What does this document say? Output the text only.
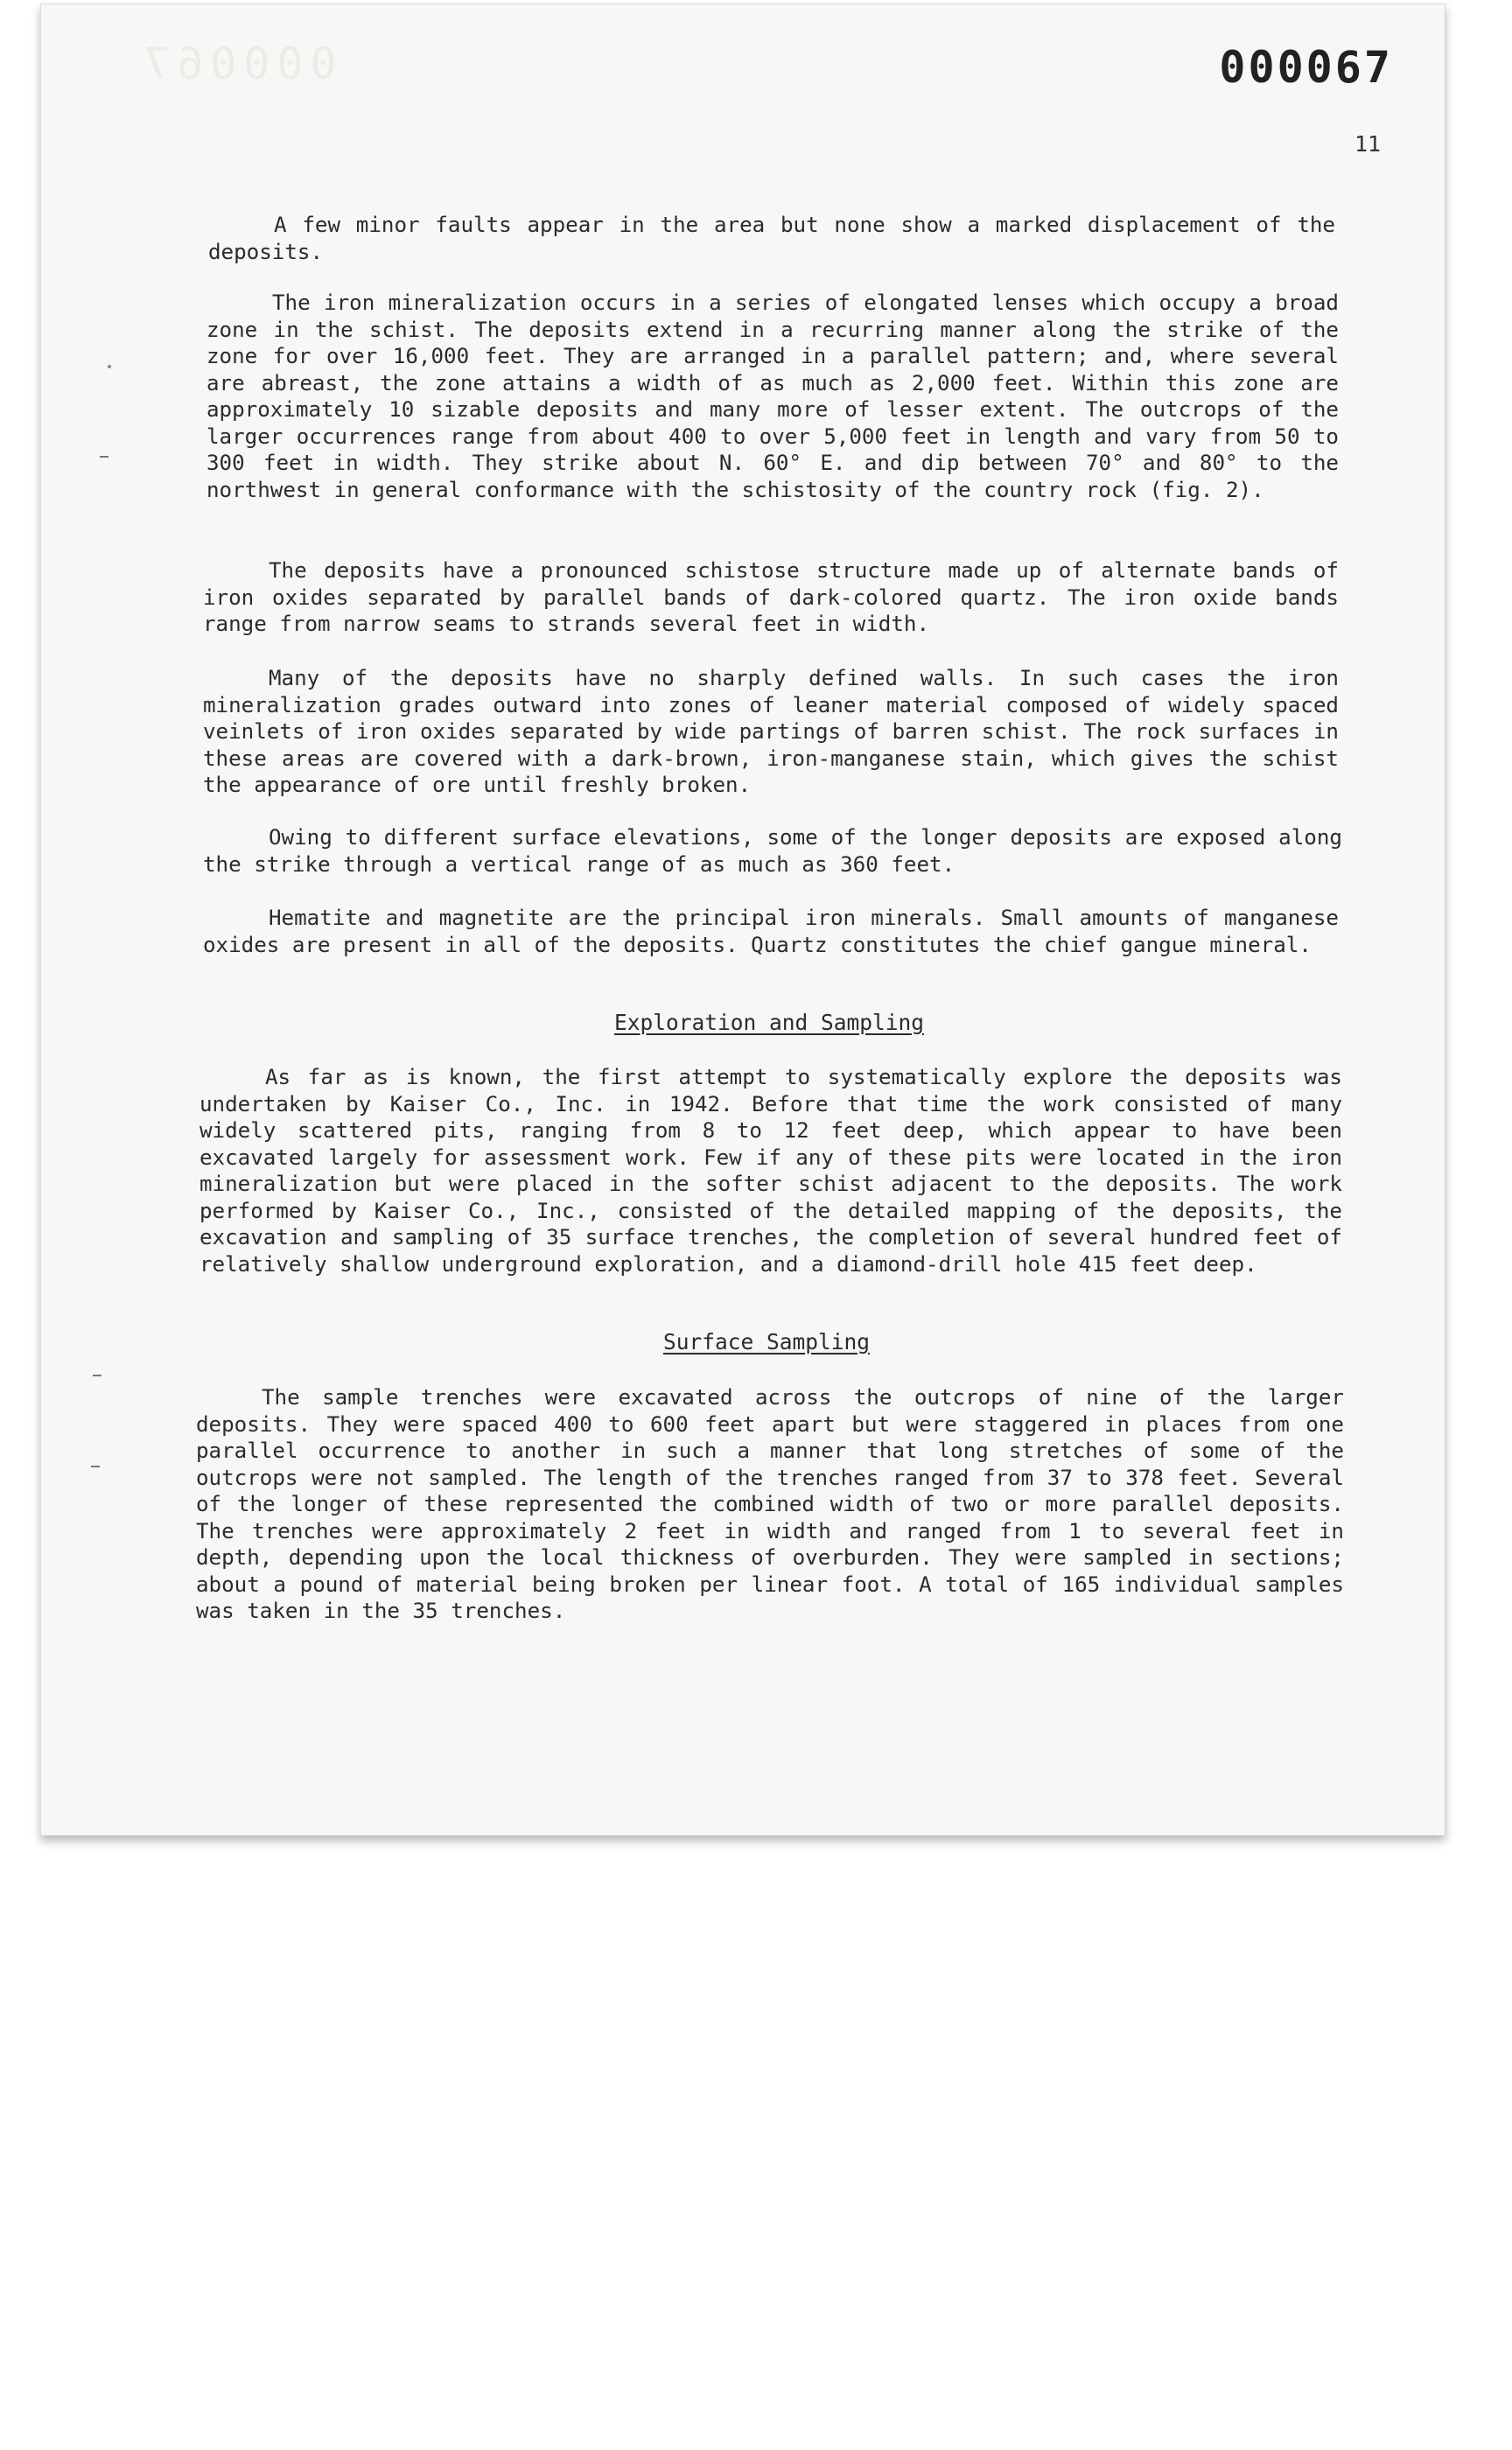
000067	000067
11

A few minor faults appear in the area but none show a marked displacement of the deposits.

The iron mineralization occurs in a series of elongated lenses which occupy a broad zone in the schist. The deposits extend in a recurring manner along the strike of the zone for over 16,000 feet. They are arranged in a parallel pattern; and, where several are abreast, the zone attains a width of as much as 2,000 feet. Within this zone are approximately 10 sizable deposits and many more of lesser extent. The outcrops of the larger occurrences range from about 400 to over 5,000 feet in length and vary from 50 to 300 feet in width. They strike about N. 60° E. and dip between 70° and 80° to the northwest in general conformance with the schistosity of the country rock (fig. 2).

The deposits have a pronounced schistose structure made up of alternate bands of iron oxides separated by parallel bands of dark-colored quartz. The iron oxide bands range from narrow seams to strands several feet in width.

Many of the deposits have no sharply defined walls. In such cases the iron mineralization grades outward into zones of leaner material composed of widely spaced veinlets of iron oxides separated by wide partings of barren schist. The rock surfaces in these areas are covered with a dark-brown, iron-manganese stain, which gives the schist the appearance of ore until freshly broken.

Owing to different surface elevations, some of the longer deposits are exposed along the strike through a vertical range of as much as 360 feet.

Hematite and magnetite are the principal iron minerals. Small amounts of manganese oxides are present in all of the deposits. Quartz constitutes the chief gangue mineral.

Exploration and Sampling

As far as is known, the first attempt to systematically explore the deposits was undertaken by Kaiser Co., Inc. in 1942. Before that time the work consisted of many widely scattered pits, ranging from 8 to 12 feet deep, which appear to have been excavated largely for assessment work. Few if any of these pits were located in the iron mineralization but were placed in the softer schist adjacent to the deposits. The work performed by Kaiser Co., Inc., consisted of the detailed mapping of the deposits, the excavation and sampling of 35 surface trenches, the completion of several hundred feet of relatively shallow underground exploration, and a diamond-drill hole 415 feet deep.

Surface Sampling

The sample trenches were excavated across the outcrops of nine of the larger deposits. They were spaced 400 to 600 feet apart but were staggered in places from one parallel occurrence to another in such a manner that long stretches of some of the outcrops were not sampled. The length of the trenches ranged from 37 to 378 feet. Several of the longer of these represented the combined width of two or more parallel deposits. The trenches were approximately 2 feet in width and ranged from 1 to several feet in depth, depending upon the local thickness of overburden. They were sampled in sections; about a pound of material being broken per linear foot. A total of 165 individual samples was taken in the 35 trenches.
